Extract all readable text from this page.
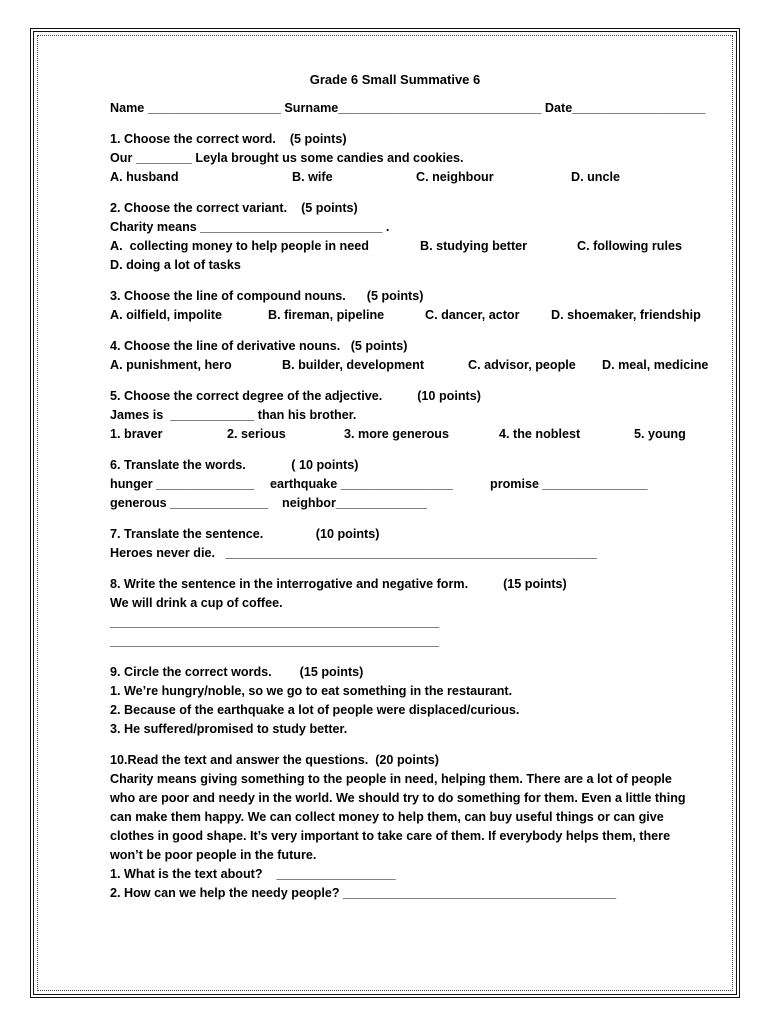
Grade 6 Small Summative 6
Name ___________________ Surname_____________________________ Date___________________
1. Choose the correct word.    (5 points)
Our ________ Leyla brought us some candies and cookies.
A. husband	B. wife	C. neighbour	D. uncle
2. Choose the correct variant.    (5 points)
Charity means __________________________ .
A.  collecting money to help people in need	B. studying better	C. following rules
D. doing a lot of tasks
3. Choose the line of compound nouns.      (5 points)
A. oilfield, impolite	B. fireman, pipeline	C. dancer, actor	D. shoemaker, friendship
4. Choose the line of derivative nouns.   (5 points)
A. punishment, hero	B. builder, development	C. advisor, people	D. meal, medicine
5. Choose the correct degree of the adjective.          (10 points)
James is  ____________ than his brother.
1. braver	2. serious	3. more generous	4. the noblest	5. young
6. Translate the words.             ( 10 points)
hunger ______________	earthquake ________________	promise _______________
generous ______________	neighbor_____________
7. Translate the sentence.               (10 points)
Heroes never die.   _____________________________________________________
8. Write the sentence in the interrogative and negative form.          (15 points)
We will drink a cup of coffee.
_______________________________________________
_______________________________________________
9. Circle the correct words.        (15 points)
1. We’re hungry/noble, so we go to eat something in the restaurant.
2. Because of the earthquake a lot of people were displaced/curious.
3. He suffered/promised to study better.
10.Read the text and answer the questions.  (20 points)
Charity means giving something to the people in need, helping them. There are a lot of people who are poor and needy in the world. We should try to do something for them. Even a little thing can make them happy. We can collect money to help them, can buy useful things or can give clothes in good shape. It’s very important to take care of them. If everybody helps them, there won’t be poor people in the future.
1. What is the text about?    _________________
2. How can we help the needy people? _______________________________________
